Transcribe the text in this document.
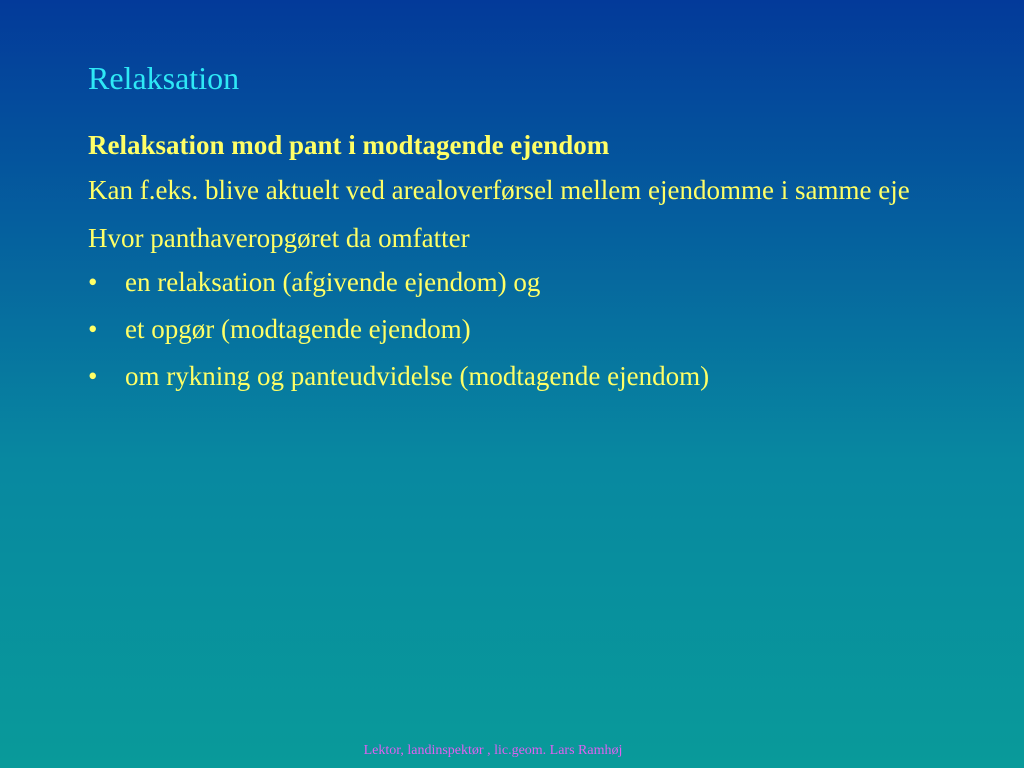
Relaksation
Relaksation mod pant i modtagende ejendom
Kan f.eks. blive aktuelt ved arealoverførsel mellem ejendomme i samme eje
Hvor panthaveropgøret da omfatter
• en relaksation (afgivende ejendom) og
• et opgør (modtagende ejendom)
• om rykning og panteudvidelse (modtagende ejendom)
Lektor, landinspektør , lic.geom. Lars Ramhøj
